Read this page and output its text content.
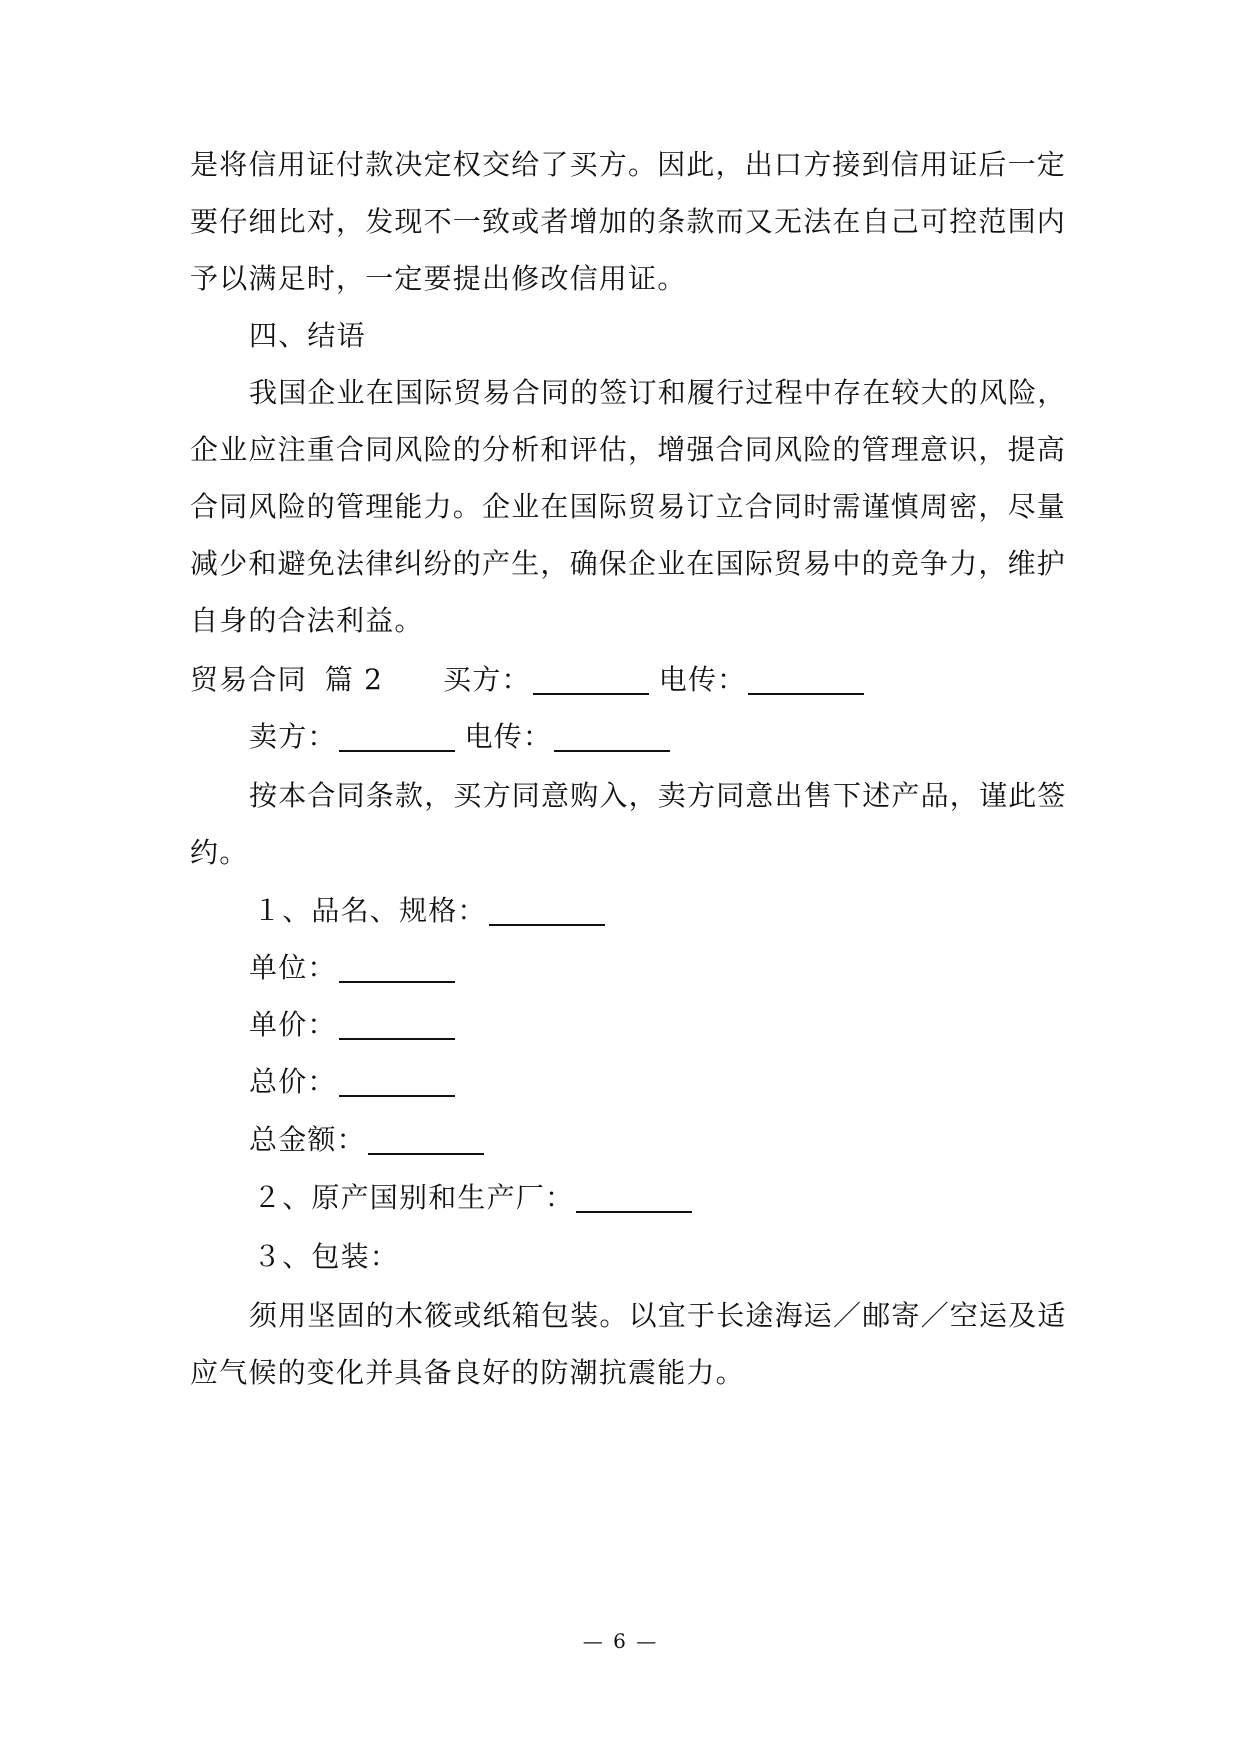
是将信用证付款决定权交给了买方。因此，出口方接到信用证后一定
要仔细比对，发现不一致或者增加的条款而又无法在自己可控范围内
予以满足时，一定要提出修改信用证。
四、结语
我国企业在国际贸易合同的签订和履行过程中存在较大的风险，
企业应注重合同风险的分析和评估，增强合同风险的管理意识，提高
合同风险的管理能力。企业在国际贸易订立合同时需谨慎周密，尽量
减少和避免法律纠纷的产生，确保企业在国际贸易中的竞争力，维护
自身的合法利益。
贸易合同 篇 2 买方：	电传：
卖方：	电传：
按本合同条款，买方同意购入，卖方同意出售下述产品，谨此签
约。
１、品名、规格：
单位：
单价：
总价：
总金额：
２、原产国别和生产厂：
３、包装：
须用坚固的木筱或纸箱包装。以宜于长途海运／邮寄／空运及适
应气候的变化并具备良好的防潮抗震能力。
— 6 —
